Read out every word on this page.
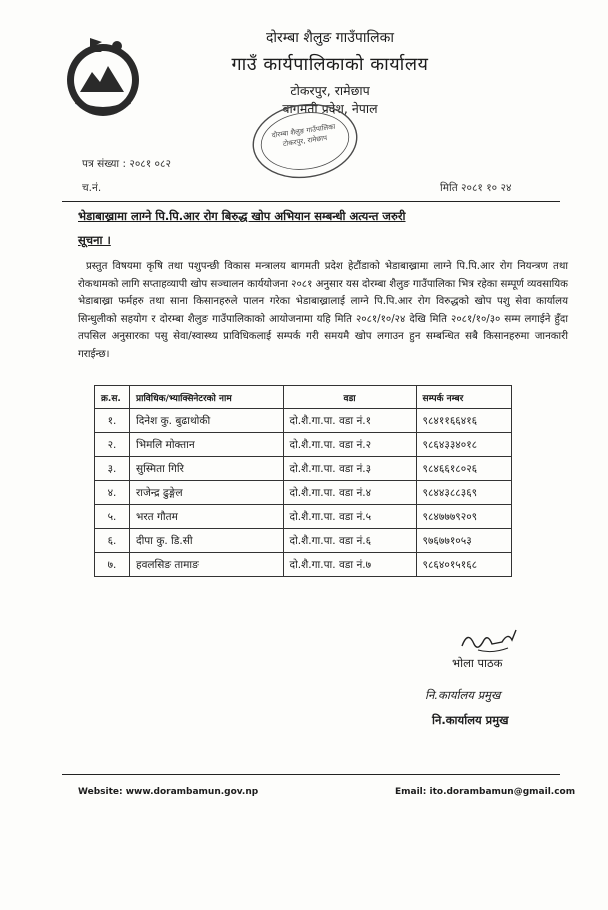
दोरम्बा शैलुङ गाउँपालिका
गाउँ कार्यपालिकाको कार्यालय
टोकरपुर, रामेछाप
बागमती प्रदेश, नेपाल
दोरम्बा शैलुङ गाउँपालिका टोकरपुर, रामेछाप
पत्र संख्या : २०८१ ०८२
च.नं.	मिति २०८१ १० २४
भेडाबाख्रामा लाग्ने पि.पि.आर रोग बिरुद्ध खोप अभियान सम्बन्धी अत्यन्त जरुरी
सूचना ।
प्रस्तुत विषयमा कृषि तथा पशुपन्छी विकास मन्त्रालय बागमती प्रदेश हेटौंडाको भेडाबाख्रामा लाग्ने पि.पि.आर रोग नियन्त्रण तथा रोकथामको लागि सप्ताहव्यापी खोप सञ्चालन कार्ययोजना २०८१ अनुसार यस दोरम्बा शैलुङ गाउँपालिका भित्र रहेका सम्पूर्ण व्यवसायिक भेडाबाख्रा फर्महरु तथा साना किसानहरुले पालन गरेका भेडाबाख्रालाई लाग्ने पि.पि.आर रोग विरुद्धको खोप पशु सेवा कार्यालय सिन्धुलीको सहयोग र दोरम्बा शैलुङ गाउँपालिकाको आयोजनामा यहि मिति २०८१/१०/२४ देखि मिति २०८१/१०/३० सम्म लगाईने हुँदा तपसिल अनुसारका पसु सेवा/स्वास्थ्य प्राविधिकलाई सम्पर्क गरी समयमै खोप लगाउन हुन सम्बन्धित सबै किसानहरुमा जानकारी गराईन्छ।
क्र.स.	प्राविधिक/भ्याक्सिनेटरको नाम	वडा	सम्पर्क नम्बर
१.	दिनेश कु. बुढाथोकी	दो.शै.गा.पा. वडा नं.१	९८४११६६४१६
२.	भिमलि मोक्तान	दो.शै.गा.पा. वडा नं.२	९८६४३३४०१८
३.	सुस्मिता गिरि	दो.शै.गा.पा. वडा नं.३	९८४६६१८०२६
४.	राजेन्द्र ढुङ्गेल	दो.शै.गा.पा. वडा नं.४	९८४४३८८३६९
५.	भरत गौतम	दो.शै.गा.पा. वडा नं.५	९८४७७७९२०९
६.	दीपा कु. डि.सी	दो.शै.गा.पा. वडा नं.६	९७६७७१०५३
७.	हवलसिङ तामाङ	दो.शै.गा.पा. वडा नं.७	९८६४०१५१६८
भोला पाठक
नि.कार्यालय प्रमुख
नि.कार्यालय प्रमुख
Website: www.dorambamun.gov.np	Email: ito.dorambamun@gmail.com
